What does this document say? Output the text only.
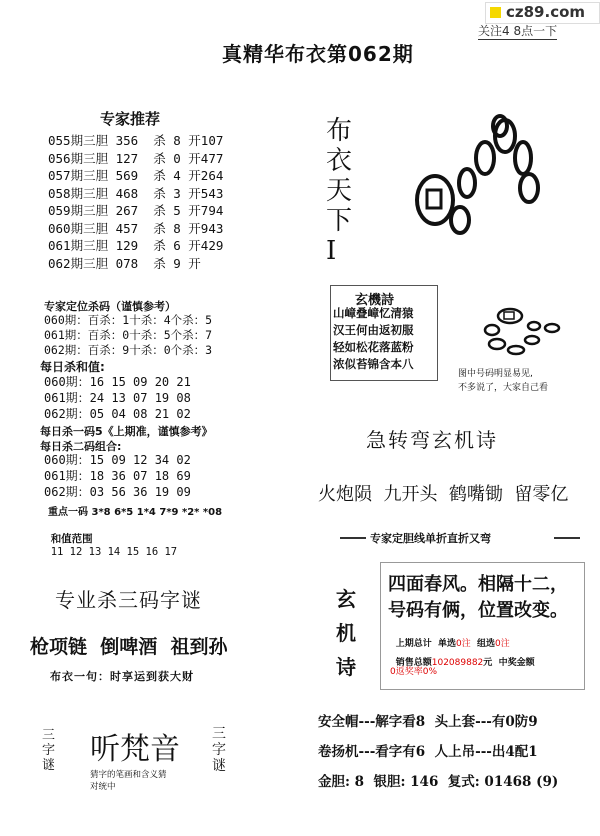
cz89.com
关注4 8点一下
真精华布衣第062期
专家推荐
055期三胆 356  杀 8 开107
056期三胆 127  杀 0 开477
057期三胆 569  杀 4 开264
058期三胆 468  杀 3 开543
059期三胆 267  杀 5 开794
060期三胆 457  杀 8 开943
061期三胆 129  杀 6 开429
062期三胆 078  杀 9 开
专家定位杀码（谨慎参考）
060期：百杀：1十杀：4个杀：5
061期：百杀：0十杀：5个杀：7
062期：百杀：9十杀：0个杀：3
每日杀和值:
060期：16 15 09 20 21
061期：24 13 07 19 08
062期：05 04 08 21 02
每日杀一码5《上期准，谨慎参考》
每日杀二码组合:
060期：15 09 12 34 02
061期：18 36 07 18 69
062期：03 56 36 19 09
重点一码 3*8 6*5 1*4 7*9 *2* *08

和值范围
11 12 13 14 15 16 17

专业杀三码字谜
枪项链  倒啤酒  祖到孙
布衣一句：时享运到获大财
三字谜 听梵音
猜字的笔画和含义猜
对统中
三字谜
布衣天下I
玄機詩
山嶂叠嶂忆清猿
汉王何由返初服
轻如松花落蓝粉
浓似苔锦含本八
图中号码明显易见,
不多说了，大家自己看
急转弯玄机诗
火炮陨  九开头  鹤嘴锄  留零亿
专家定胆线单折直折又弯
玄
机
诗
四面春风。相隔十二，
号码有俩，位置改变。

上期总计  单选0注  组选0注

销售总额102089882元  中奖金额

0返奖率0%
安全帽---解字看8  头上套---有0防9
卷扬机---看字有6  人上吊---出4配1
金胆: 8  银胆: 146  复式: 01468 (9)
